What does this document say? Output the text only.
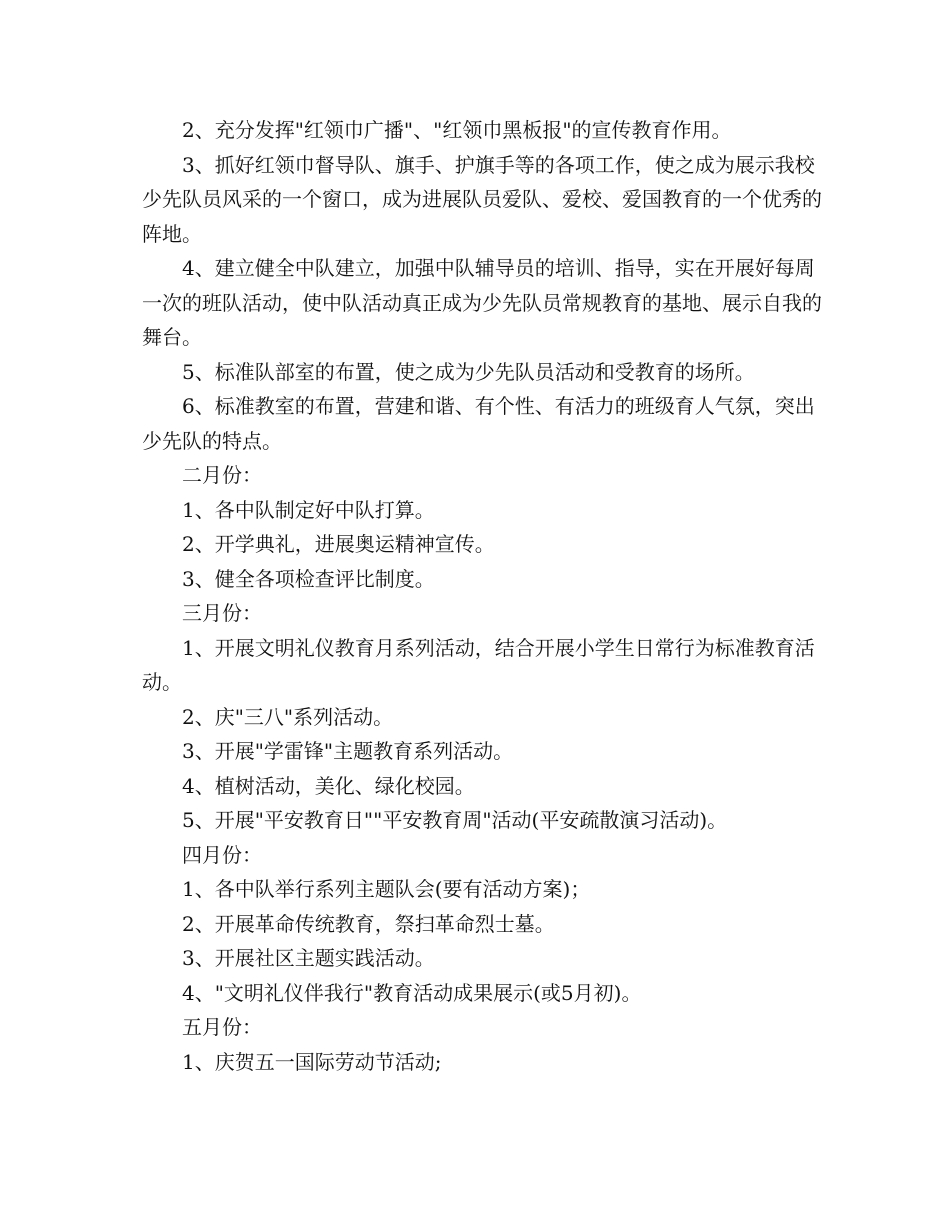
2、充分发挥"红领巾广播"、"红领巾黑板报"的宣传教育作用。

3、抓好红领巾督导队、旗手、护旗手等的各项工作，使之成为展示我校少先队员风采的一个窗口，成为进展队员爱队、爱校、爱国教育的一个优秀的阵地。

4、建立健全中队建立，加强中队辅导员的培训、指导，实在开展好每周一次的班队活动，使中队活动真正成为少先队员常规教育的基地、展示自我的舞台。

5、标准队部室的布置，使之成为少先队员活动和受教育的场所。

6、标准教室的布置，营建和谐、有个性、有活力的班级育人气氛，突出少先队的特点。

二月份：

1、各中队制定好中队打算。

2、开学典礼，进展奥运精神宣传。

3、健全各项检查评比制度。

三月份：

1、开展文明礼仪教育月系列活动，结合开展小学生日常行为标准教育活动。

2、庆"三八"系列活动。

3、开展"学雷锋"主题教育系列活动。

4、植树活动，美化、绿化校园。

5、开展"平安教育日""平安教育周"活动(平安疏散演习活动)。

四月份：

1、各中队举行系列主题队会(要有活动方案)；

2、开展革命传统教育，祭扫革命烈士墓。

3、开展社区主题实践活动。

4、"文明礼仪伴我行"教育活动成果展示(或5月初)。

五月份：

1、庆贺五一国际劳动节活动;
